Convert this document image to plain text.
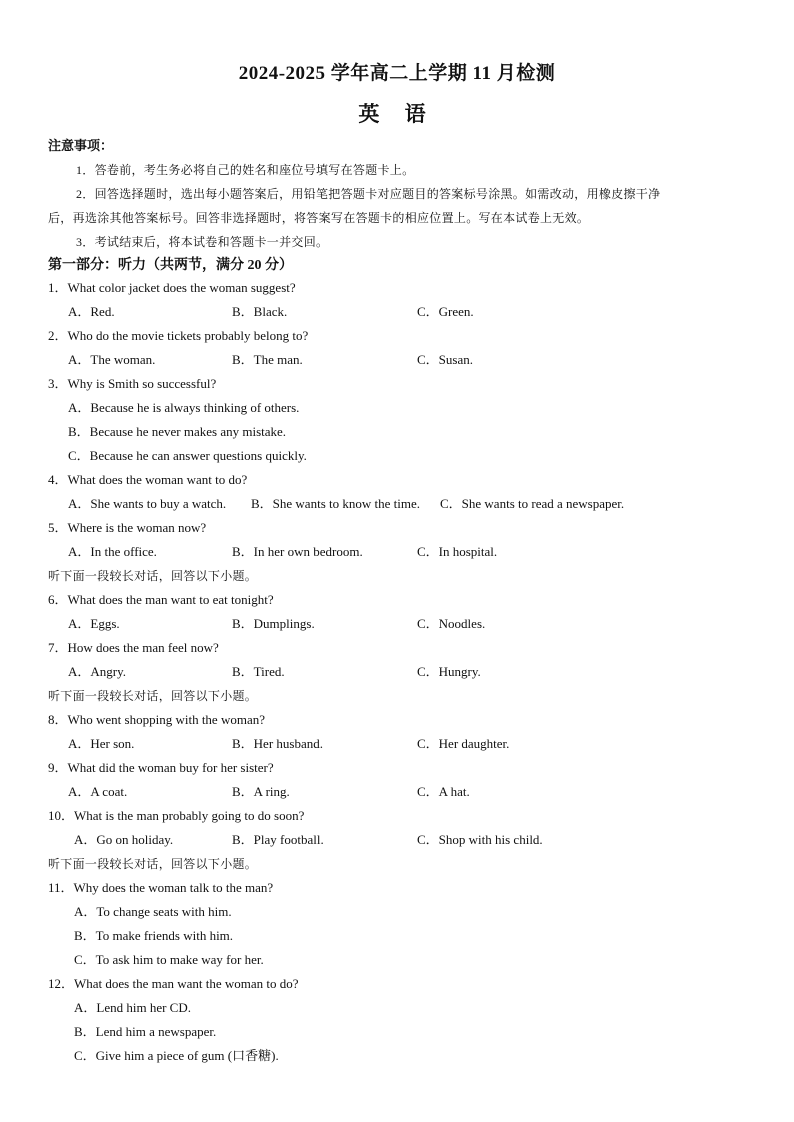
2024-2025 学年高二上学期 11 月检测
英 语
注意事项：
1．答卷前，考生务必将自己的姓名和座位号填写在答题卡上。
2．回答选择题时，选出每小题答案后，用铅笔把答题卡对应题目的答案标号涂黑。如需改动，用橡皮擦干净
后，再选涂其他答案标号。回答非选择题时，将答案写在答题卡的相应位置上。写在本试卷上无效。
3．考试结束后，将本试卷和答题卡一并交回。
第一部分：听力（共两节，满分 20 分）
1．What color jacket does the woman suggest?
A．Red.	B．Black.	C．Green.
2．Who do the movie tickets probably belong to?
A．The woman.	B．The man.	C．Susan.
3．Why is Smith so successful?
A．Because he is always thinking of others.
B．Because he never makes any mistake.
C．Because he can answer questions quickly.
4．What does the woman want to do?
A．She wants to buy a watch. B．She wants to know the time. C．She wants to read a newspaper.
5．Where is the woman now?
A．In the office.	B．In her own bedroom.	C．In hospital.
听下面一段较长对话，回答以下小题。
6．What does the man want to eat tonight?
A．Eggs.	B．Dumplings.	C．Noodles.
7．How does the man feel now?
A．Angry.	B．Tired.	C．Hungry.
听下面一段较长对话，回答以下小题。
8．Who went shopping with the woman?
A．Her son.	B．Her husband.	C．Her daughter.
9．What did the woman buy for her sister?
A．A coat.	B．A ring.	C．A hat.
10．What is the man probably going to do soon?
A．Go on holiday.	B．Play football.	C．Shop with his child.
听下面一段较长对话，回答以下小题。
11．Why does the woman talk to the man?
A．To change seats with him.
B．To make friends with him.
C．To ask him to make way for her.
12．What does the man want the woman to do?
A．Lend him her CD.
B．Lend him a newspaper.
C．Give him a piece of gum (口香糖).
